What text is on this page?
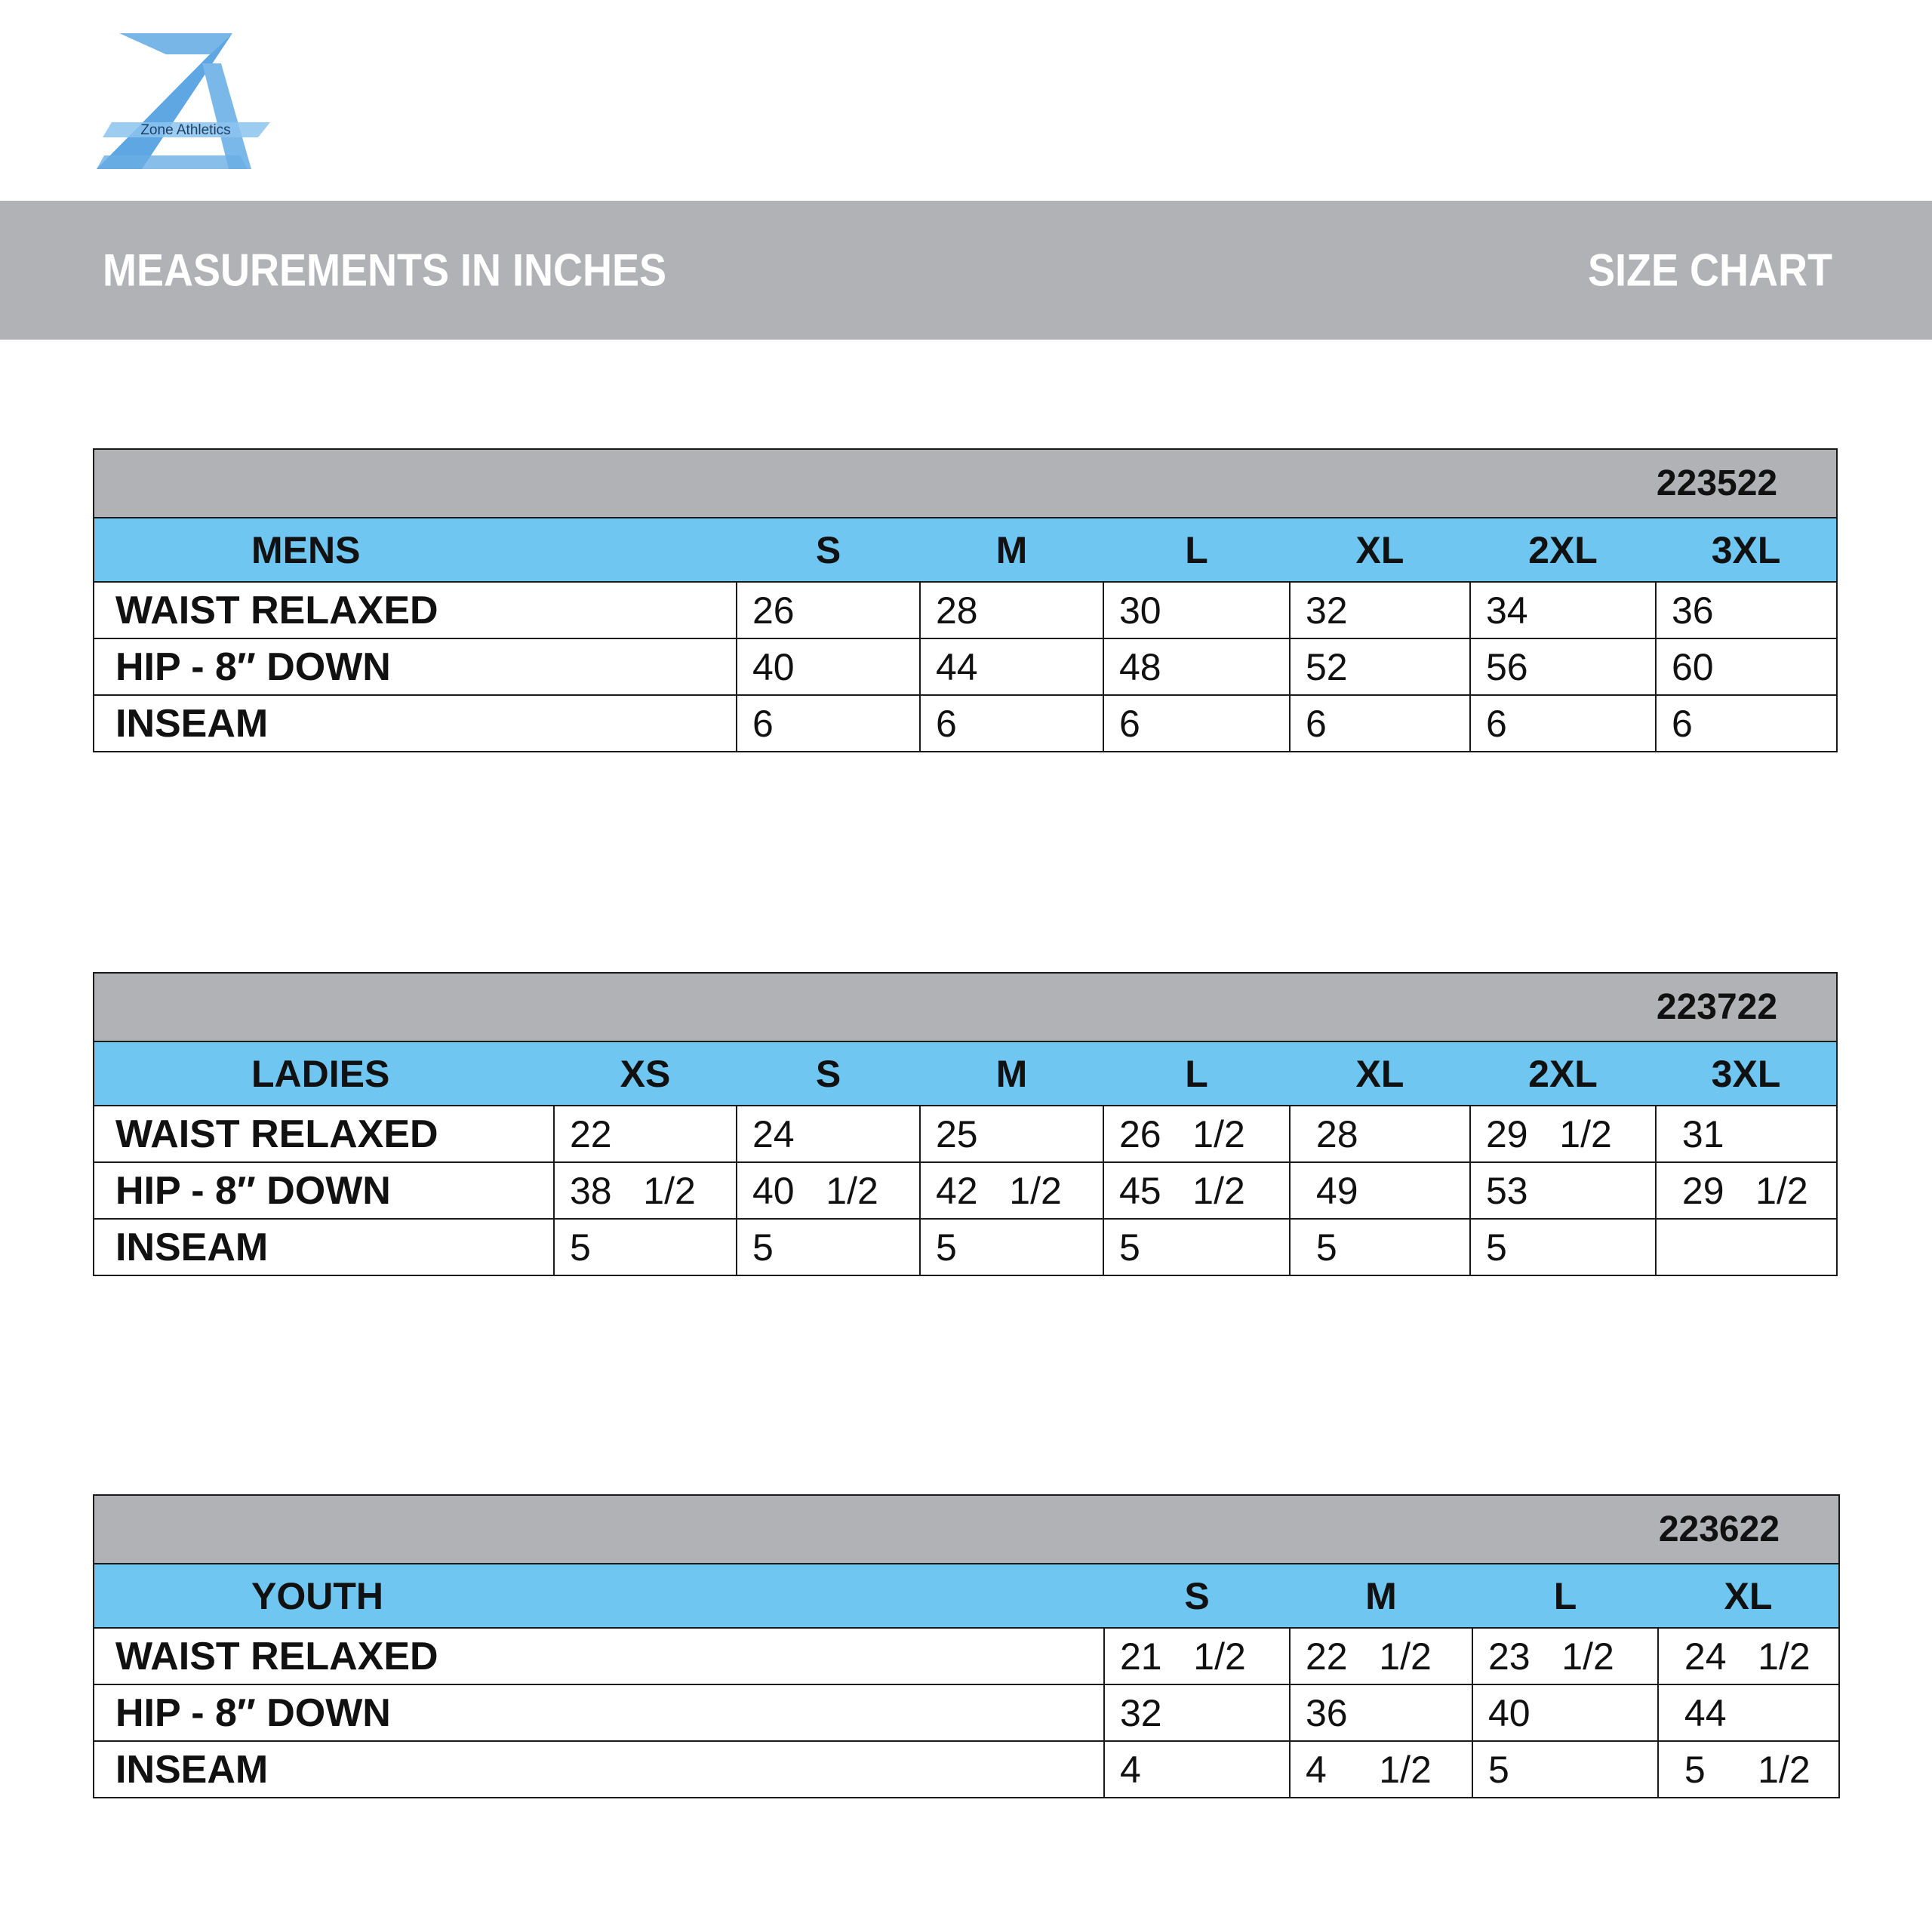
Zone Athletics
MEASUREMENTS IN INCHES	SIZE CHART
223522						
MENS	S	M	L	XL	2XL	3XL
WAIST RELAXED	26	28	30	32	34	36
HIP - 8″ DOWN	40	44	48	52	56	60
INSEAM	6	6	6	6	6	6
223722							
LADIES	XS	S	M	L	XL	2XL	3XL
WAIST RELAXED	22	24	25	26   1/2	28	29   1/2	31
HIP - 8″ DOWN	38   1/2	40   1/2	42   1/2	45   1/2	49	53	29   1/2
INSEAM	5	5	5	5	5	5	
223622				
YOUTH	S	M	L	XL
WAIST RELAXED	21   1/2	22   1/2	23   1/2	24   1/2
HIP - 8″ DOWN	32	36	40	44
INSEAM	4	4     1/2	5	5     1/2
